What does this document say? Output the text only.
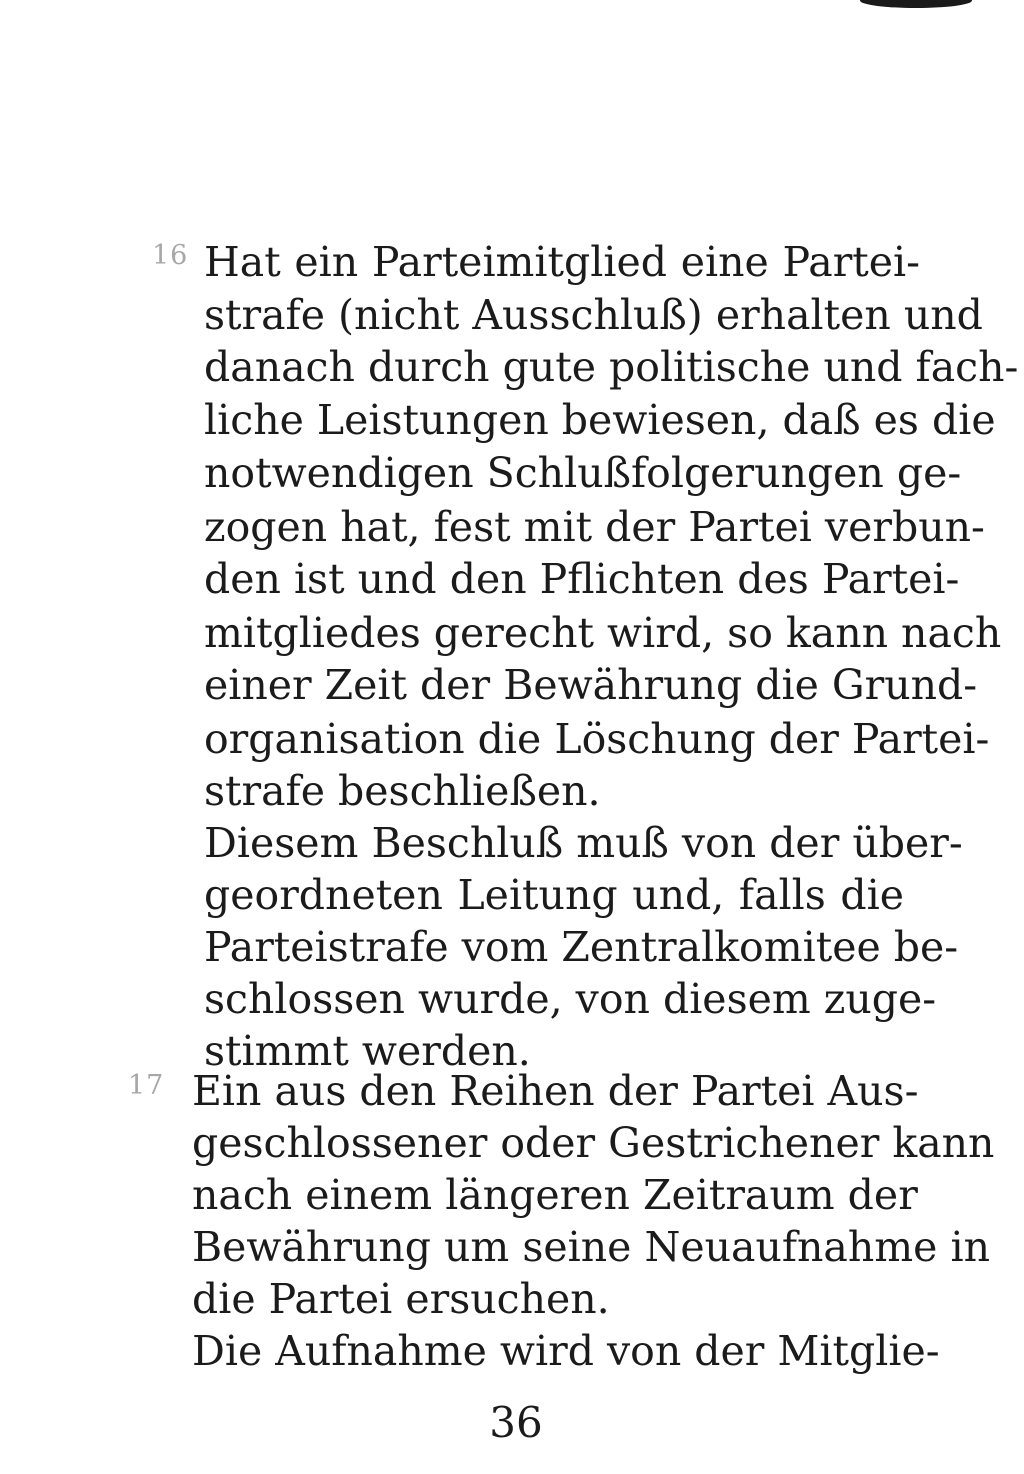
16 Hat ein Parteimitglied eine Partei-
strafe (nicht Ausschluß) erhalten und
danach durch gute politische und fach-
liche Leistungen bewiesen, daß es die
notwendigen Schlußfolgerungen ge-
zogen hat, fest mit der Partei verbun-
den ist und den Pflichten des Partei-
mitgliedes gerecht wird, so kann nach
einer Zeit der Bewährung die Grund-
organisation die Löschung der Partei-
strafe beschließen.
Diesem Beschluß muß von der über-
geordneten Leitung und, falls die
Parteistrafe vom Zentralkomitee be-
schlossen wurde, von diesem zuge-
stimmt werden.
17 Ein aus den Reihen der Partei Aus-
geschlossener oder Gestrichener kann
nach einem längeren Zeitraum der
Bewährung um seine Neuaufnahme in
die Partei ersuchen.
Die Aufnahme wird von der Mitglie-
36
